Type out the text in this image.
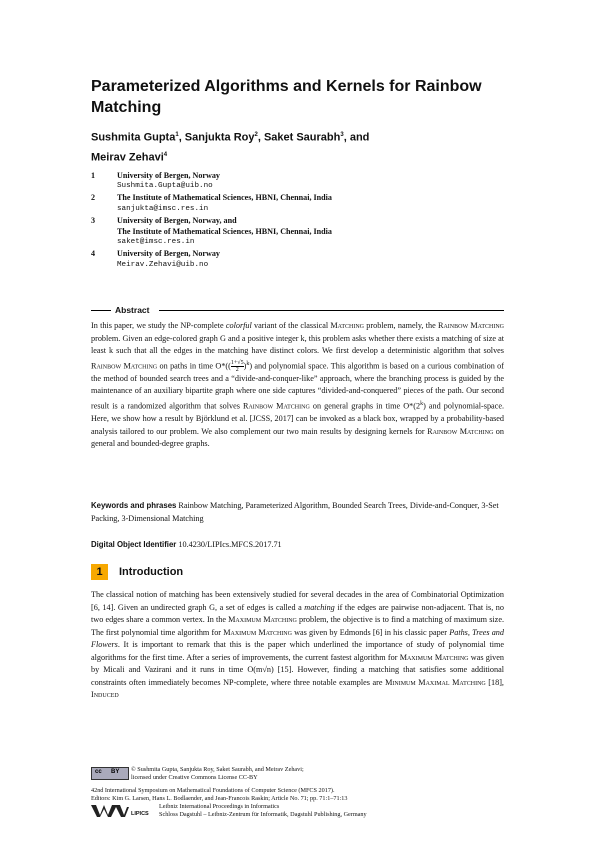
Parameterized Algorithms and Kernels for Rainbow Matching
Sushmita Gupta$^1$, Sanjukta Roy$^2$, Saket Saurabh$^3$, and
Meirav Zehavi$^4$
1	University of Bergen, Norway
Sushmita.Gupta@uib.no
2	The Institute of Mathematical Sciences, HBNI, Chennai, India
sanjukta@imsc.res.in
3	University of Bergen, Norway, and
The Institute of Mathematical Sciences, HBNI, Chennai, India
saket@imsc.res.in
4	University of Bergen, Norway
Meirav.Zehavi@uib.no
Abstract
In this paper, we study the NP-complete colorful variant of the classical Matching problem, namely, the Rainbow Matching problem. Given an edge-colored graph G and a positive integer k, this problem asks whether there exists a matching of size at least k such that all the edges in the matching have distinct colors. We first develop a deterministic algorithm that solves Rainbow Matching on paths in time $O*(( \frac{1+√5}{2})^k)$ and polynomial space. This algorithm is based on a curious combination of the method of bounded search trees and a “divide-and-conquer-like” approach, where the branching process is guided by the maintenance of an auxiliary bipartite graph where one side captures “divided-and-conquered” pieces of the path. Our second result is a randomized algorithm that solves Rainbow Matching on general graphs in time O*(2$^k$) and polynomial-space. Here, we show how a result by Björklund et al. [JCSS, 2017] can be invoked as a black box, wrapped by a probability-based analysis tailored to our problem. We also complement our two main results by designing kernels for Rainbow Matching on general and bounded-degree graphs.
Keywords and phrases Rainbow Matching, Parameterized Algorithm, Bounded Search Trees, Divide-and-Conquer, 3-Set Packing, 3-Dimensional Matching
Digital Object Identifier 10.4230/LIPIcs.MFCS.2017.71
1	Introduction
The classical notion of matching has been extensively studied for several decades in the area of Combinatorial Optimization [6, 14]. Given an undirected graph G, a set of edges is called a matching if the edges are pairwise non-adjacent. That is, no two edges share a common vertex. In the Maximum Matching problem, the objective is to find a matching of maximum size. The first polynomial time algorithm for Maximum Matching was given by Edmonds [6] in his classic paper Paths, Trees and Flowers. It is important to remark that this is the paper which underlined the importance of study of polynomial time algorithms for the first time. After a series of improvements, the current fastest algorithm for Maximum Matching was given by Micali and Vazirani and it runs in time O(m√n) [15]. However, finding a matching that satisfies some additional constraints often immediately becomes NP-complete, where three notable examples are Minimum Maximal Matching [18], Induced
cc BY © Sushmita Gupta, Sanjukta Roy, Saket Saurabh, and Meirav Zehavi;
licensed under Creative Commons License CC-BY
42nd International Symposium on Mathematical Foundations of Computer Science (MFCS 2017).
Editors: Kim G. Larsen, Hans L. Bodlaender, and Jean-Francois Raskin; Article No. 71; pp. 71:1–71:13
LIPICS
Leibniz International Proceedings in Informatics
Schloss Dagstuhl – Leibniz-Zentrum für Informatik, Dagstuhl Publishing, Germany
